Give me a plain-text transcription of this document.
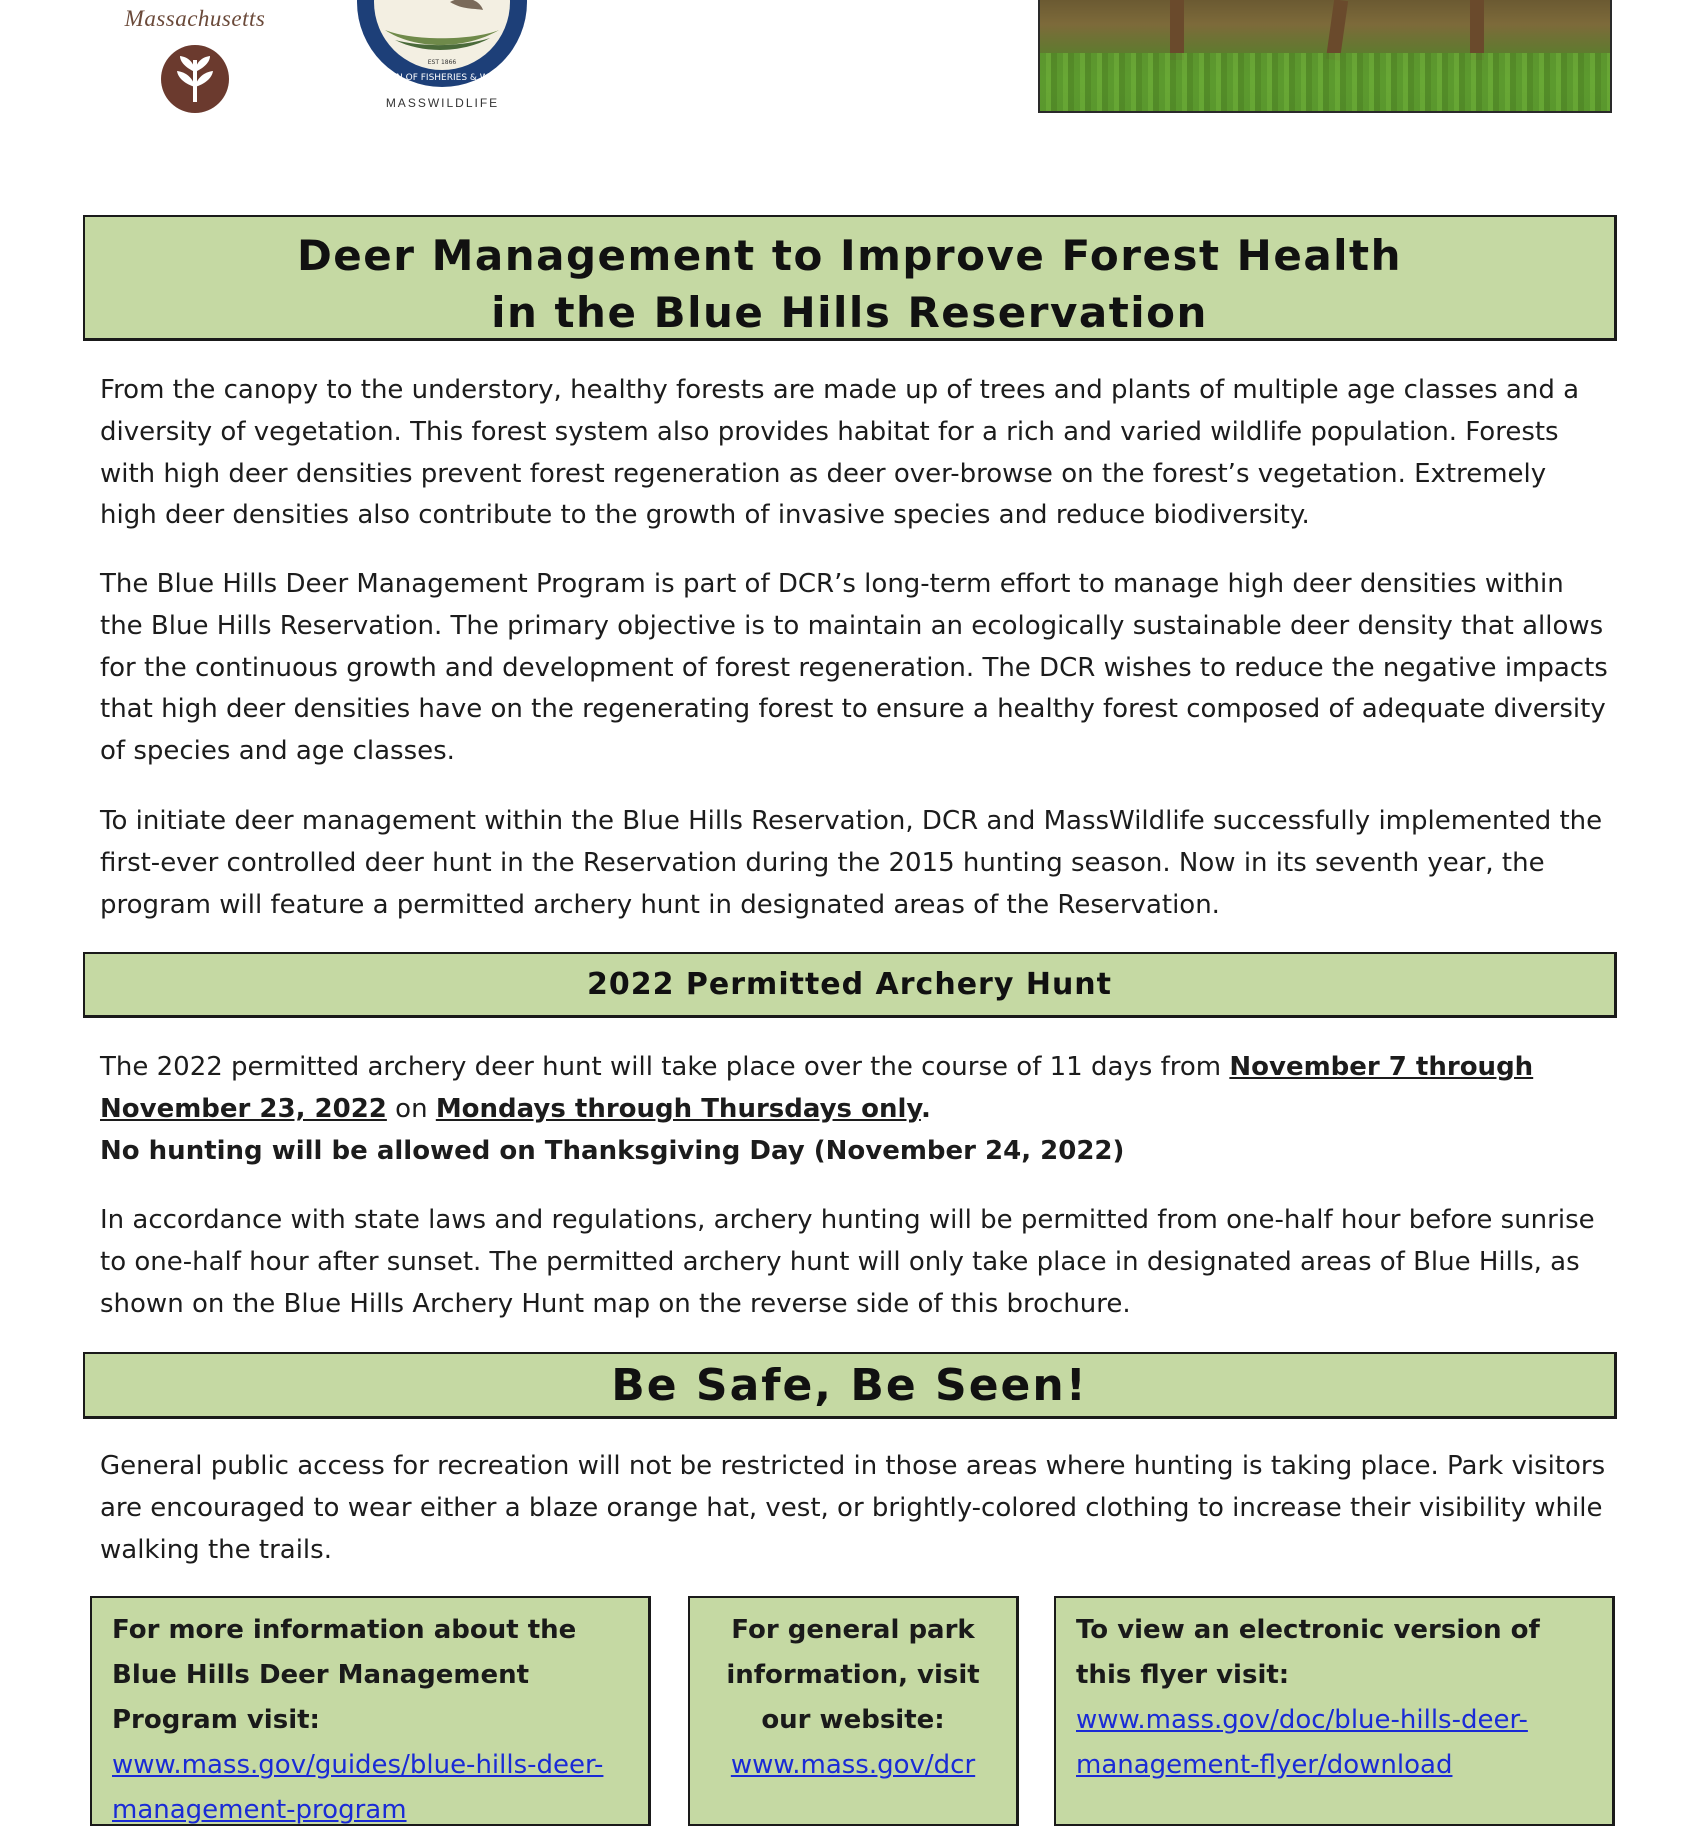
Massachusetts
DIVISION OF FISHERIES & WILDLIFE
EST 1866
MASSWILDLIFE
Deer Management to Improve Forest Health
in the Blue Hills Reservation

From the canopy to the understory, healthy forests are made up of trees and plants of multiple age classes and a diversity of vegetation. This forest system also provides habitat for a rich and varied wildlife population. Forests with high deer densities prevent forest regeneration as deer over-browse on the forest’s vegetation. Extremely high deer densities also contribute to the growth of invasive species and reduce biodiversity.

The Blue Hills Deer Management Program is part of DCR’s long-term effort to manage high deer densities within the Blue Hills Reservation. The primary objective is to maintain an ecologically sustainable deer density that allows for the continuous growth and development of forest regeneration. The DCR wishes to reduce the negative impacts that high deer densities have on the regenerating forest to ensure a healthy forest composed of adequate diversity of species and age classes.

To initiate deer management within the Blue Hills Reservation, DCR and MassWildlife successfully implemented the first-ever controlled deer hunt in the Reservation during the 2015 hunting season. Now in its seventh year, the program will feature a permitted archery hunt in designated areas of the Reservation.

2022 Permitted Archery Hunt

The 2022 permitted archery deer hunt will take place over the course of 11 days from November 7 through November 23, 2022 on Mondays through Thursdays only.
No hunting will be allowed on Thanksgiving Day (November 24, 2022)

In accordance with state laws and regulations, archery hunting will be permitted from one-half hour before sunrise to one-half hour after sunset. The permitted archery hunt will only take place in designated areas of Blue Hills, as shown on the Blue Hills Archery Hunt map on the reverse side of this brochure.

Be Safe, Be Seen!

General public access for recreation will not be restricted in those areas where hunting is taking place. Park visitors are encouraged to wear either a blaze orange hat, vest, or brightly-colored clothing to increase their visibility while walking the trails.

For more information about the Blue Hills Deer Management Program visit:
www.mass.gov/guides/blue-hills-deer-management-program
For general park information, visit our website:
www.mass.gov/dcr
To view an electronic version of this flyer visit:
www.mass.gov/doc/blue-hills-deer-management-flyer/download
